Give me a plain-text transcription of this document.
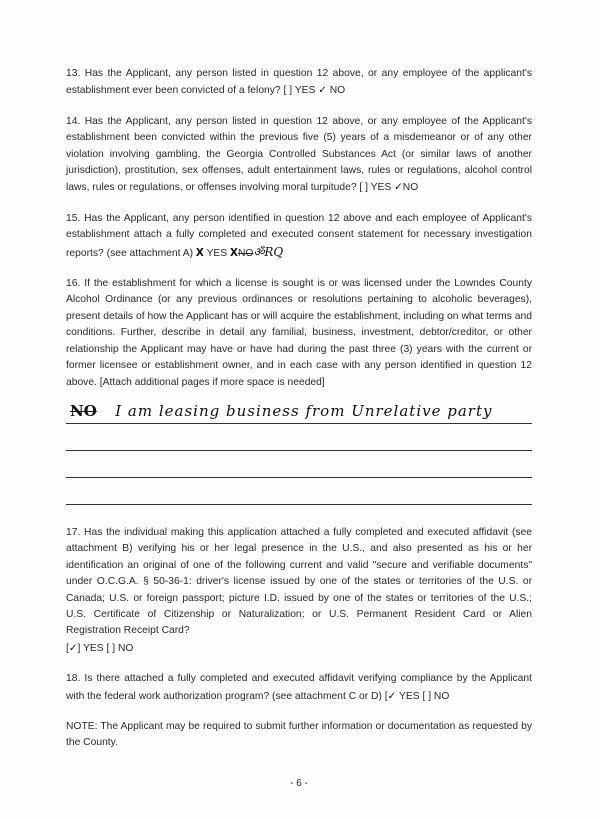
13. Has the Applicant, any person listed in question 12 above, or any employee of the applicant's establishment ever been convicted of a felony? [ ] YES ✓ NO
14. Has the Applicant, any person listed in question 12 above, or any employee of the Applicant's establishment been convicted within the previous five (5) years of a misdemeanor or of any other violation involving gambling, the Georgia Controlled Substances Act (or similar laws of another jurisdiction), prostitution, sex offenses, adult entertainment laws, rules or regulations, alcohol control laws, rules or regulations, or offenses involving moral turpitude? [ ] YES ✓NO
15. Has the Applicant, any person identified in question 12 above and each employee of Applicant's establishment attach a fully completed and executed consent statement for necessary investigation reports? (see attachment A) X YES XNOॐRQ
16. If the establishment for which a license is sought is or was licensed under the Lowndes County Alcohol Ordinance (or any previous ordinances or resolutions pertaining to alcoholic beverages), present details of how the Applicant has or will acquire the establishment, including on what terms and conditions. Further, describe in detail any familial, business, investment, debtor/creditor, or other relationship the Applicant may have or have had during the past three (3) years with the current or former licensee or establishment owner, and in each case with any person identified in question 12 above. [Attach additional pages if more space is needed]
NO I am leasing business from Unrelative party
17. Has the individual making this application attached a fully completed and executed affidavit (see attachment B) verifying his or her legal presence in the U.S., and also presented as his or her identification an original of one of the following current and valid "secure and verifiable documents" under O.C.G.A. § 50-36-1: driver's license issued by one of the states or territories of the U.S. or Canada; U.S. or foreign passport; picture I.D. issued by one of the states or territories of the U.S.; U.S. Certificate of Citizenship or Naturalization; or U.S. Permanent Resident Card or Alien Registration Receipt Card?
[✓] YES [ ] NO
18. Is there attached a fully completed and executed affidavit verifying compliance by the Applicant with the federal work authorization program? (see attachment C or D) [✓ YES [ ] NO
NOTE: The Applicant may be required to submit further information or documentation as requested by the County.
- 6 -
